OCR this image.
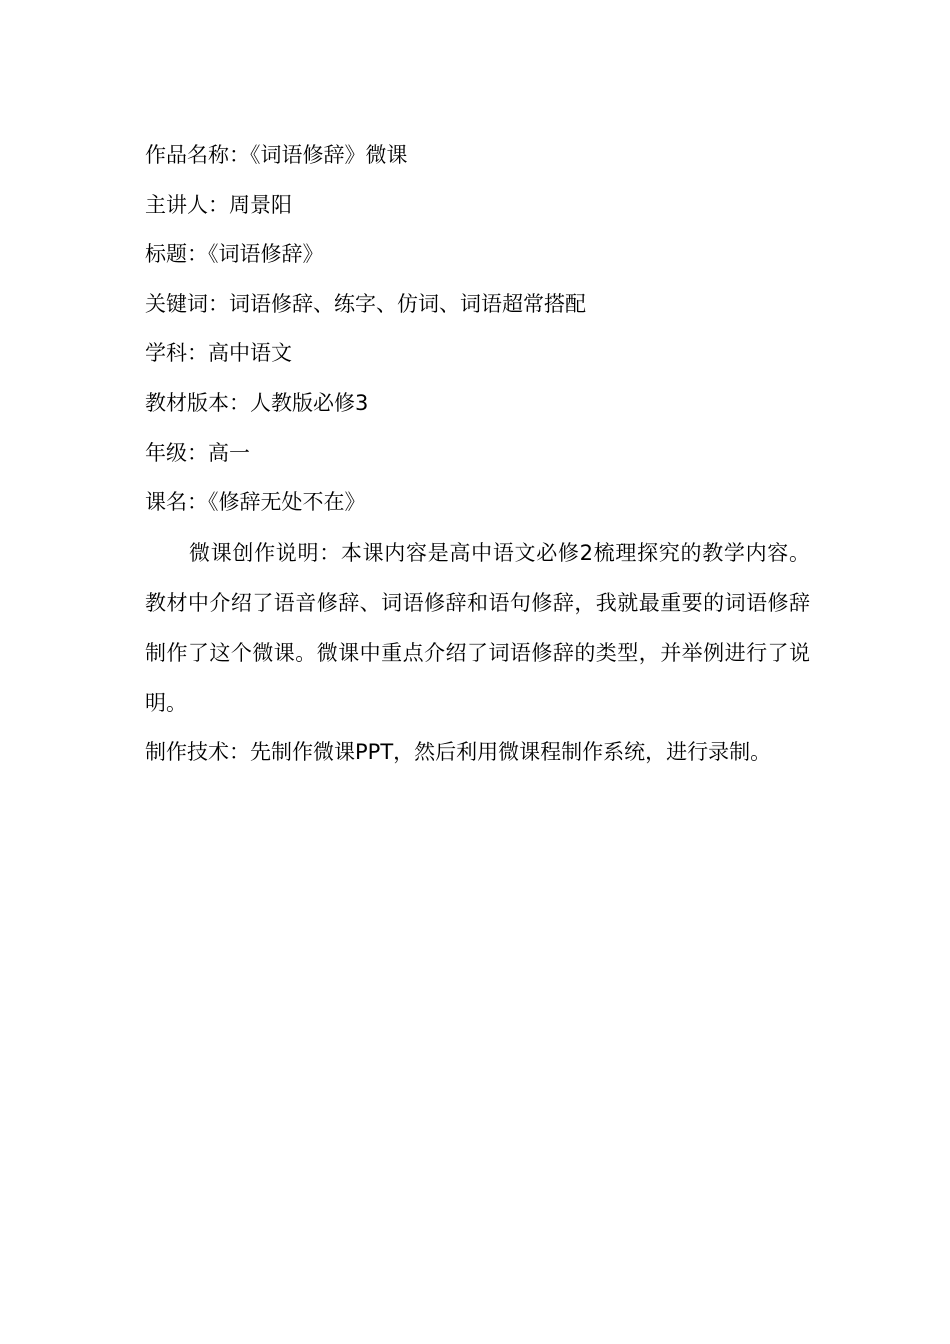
作品名称：《词语修辞》微课
主讲人：周景阳
标题：《词语修辞》
关键词：词语修辞、练字、仿词、词语超常搭配
学科：高中语文
教材版本：人教版必修3
年级：高一
课名：《修辞无处不在》

微课创作说明：本课内容是高中语文必修2梳理探究的教学内容。教材中介绍了语音修辞、词语修辞和语句修辞，我就最重要的词语修辞制作了这个微课。微课中重点介绍了词语修辞的类型，并举例进行了说明。

制作技术：先制作微课PPT，然后利用微课程制作系统，进行录制。
